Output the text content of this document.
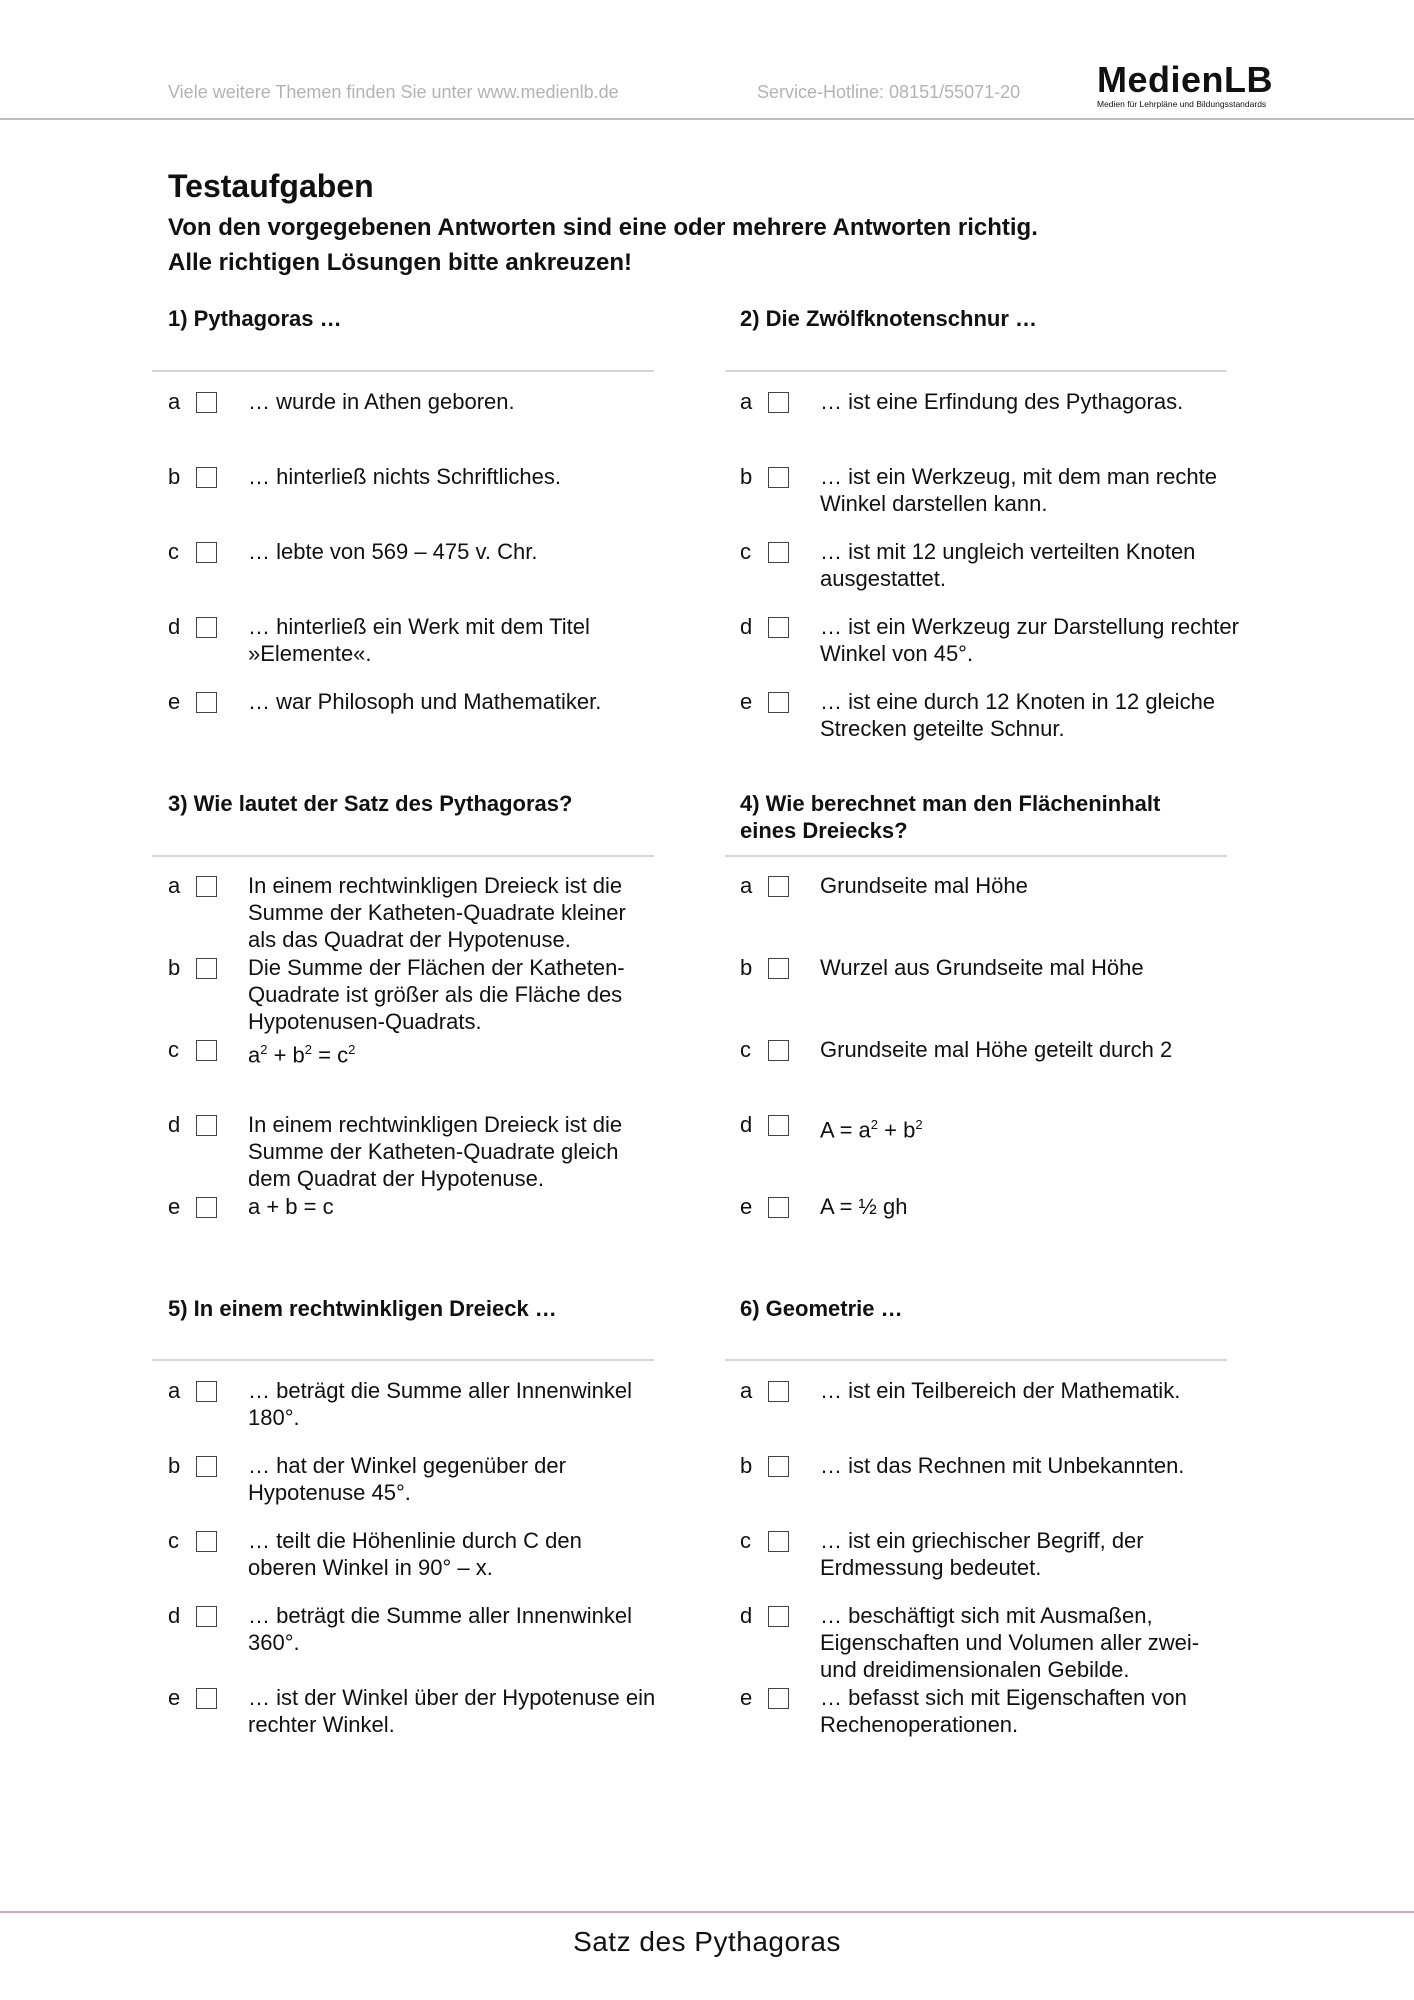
Viele weitere Themen finden Sie unter www.medienlb.de	Service-Hotline: 08151/55071-20 MedienLB
Medien für Lehrpläne und Bildungsstandards
Testaufgaben
Von den vorgegebenen Antworten sind eine oder mehrere Antworten richtig.
Alle richtigen Lösungen bitte ankreuzen!
1) Pythagoras …
a	… wurde in Athen geboren.
b	… hinterließ nichts Schriftliches.
c	… lebte von 569 – 475 v. Chr.
d	… hinterließ ein Werk mit dem Titel »Elemente«.
e	… war Philosoph und Mathematiker.
2) Die Zwölfknotenschnur …
a	… ist eine Erfindung des Pythagoras.
b	… ist ein Werkzeug, mit dem man rechte Winkel darstellen kann.
c	… ist mit 12 ungleich verteilten Knoten ausgestattet.
d	… ist ein Werkzeug zur Darstellung rechter Winkel von 45°.
e	… ist eine durch 12 Knoten in 12 gleiche Strecken geteilte Schnur.
3) Wie lautet der Satz des Pythagoras?
a	In einem rechtwinkligen Dreieck ist die Summe der Katheten-Quadrate kleiner als das Quadrat der Hypotenuse.
b	Die Summe der Flächen der Katheten-Quadrate ist größer als die Fläche des Hypotenusen-Quadrats.
c	$a^2 + b^2 = c^2$
d	In einem rechtwinkligen Dreieck ist die Summe der Katheten-Quadrate gleich dem Quadrat der Hypotenuse.
e	a + b = c
4) Wie berechnet man den Flächeninhalt eines Dreiecks?
a	Grundseite mal Höhe
b	Wurzel aus Grundseite mal Höhe
c	Grundseite mal Höhe geteilt durch 2
d	$A = a^2 + b^2$
e	A = ½ gh
5) In einem rechtwinkligen Dreieck …
a	… beträgt die Summe aller Innenwinkel 180°.
b	… hat der Winkel gegenüber der Hypotenuse 45°.
c	… teilt die Höhenlinie durch C den oberen Winkel in 90° – x.
d	… beträgt die Summe aller Innenwinkel 360°.
e	… ist der Winkel über der Hypotenuse ein rechter Winkel.
6) Geometrie …
a	… ist ein Teilbereich der Mathematik.
b	… ist das Rechnen mit Unbekannten.
c	… ist ein griechischer Begriff, der Erdmessung bedeutet.
d	… beschäftigt sich mit Ausmaßen, Eigenschaften und Volumen aller zwei- und dreidimensionalen Gebilde.
e	… befasst sich mit Eigenschaften von Rechenoperationen.
Satz des Pythagoras
